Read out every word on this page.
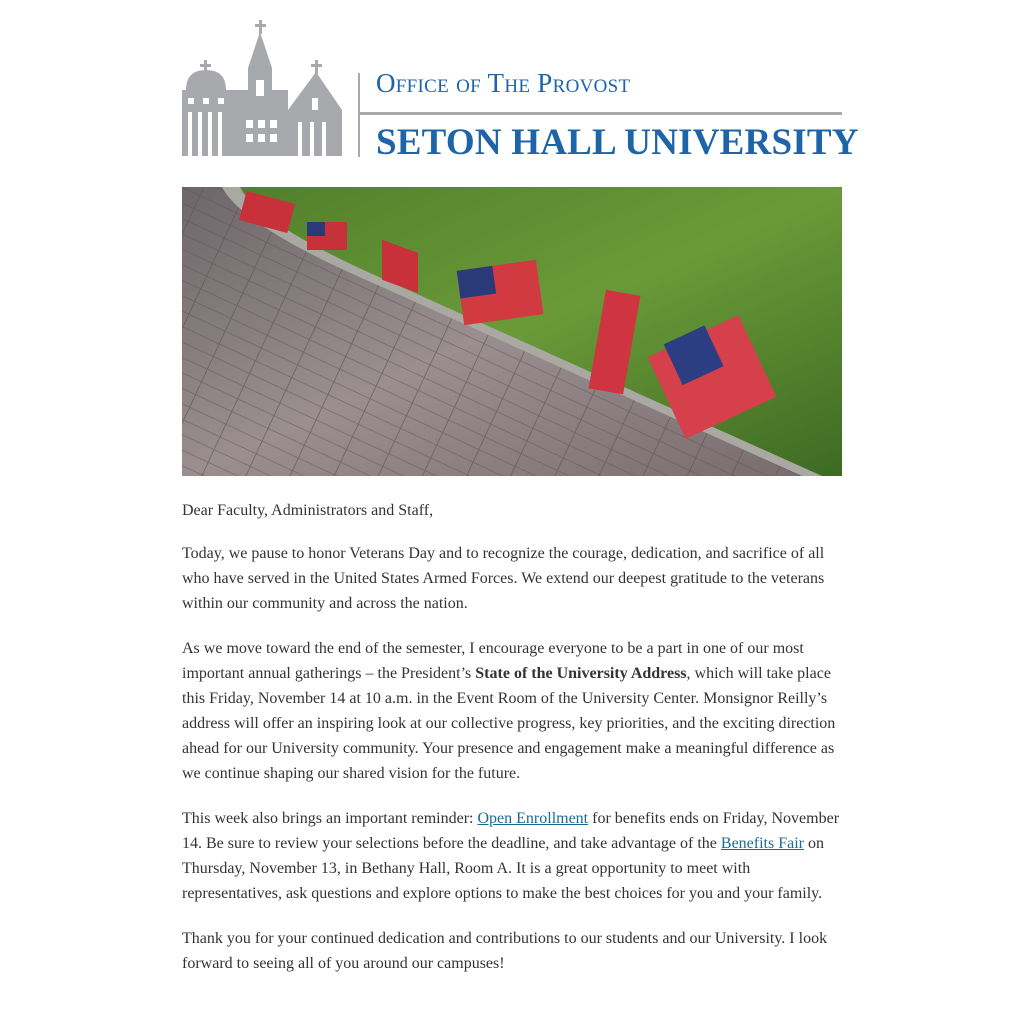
Office of The Provost
SETON HALL UNIVERSITY

Dear Faculty, Administrators and Staff,

Today, we pause to honor Veterans Day and to recognize the courage, dedication, and sacrifice of all who have served in the United States Armed Forces. We extend our deepest gratitude to the veterans within our community and across the nation.

As we move toward the end of the semester, I encourage everyone to be a part in one of our most important annual gatherings – the President’s State of the University Address, which will take place this Friday, November 14 at 10 a.m. in the Event Room of the University Center. Monsignor Reilly’s address will offer an inspiring look at our collective progress, key priorities, and the exciting direction ahead for our University community. Your presence and engagement make a meaningful difference as we continue shaping our shared vision for the future.

This week also brings an important reminder: Open Enrollment for benefits ends on Friday, November 14. Be sure to review your selections before the deadline, and take advantage of the Benefits Fair on Thursday, November 13, in Bethany Hall, Room A. It is a great opportunity to meet with representatives, ask questions and explore options to make the best choices for you and your family.

Thank you for your continued dedication and contributions to our students and our University. I look forward to seeing all of you around our campuses!
